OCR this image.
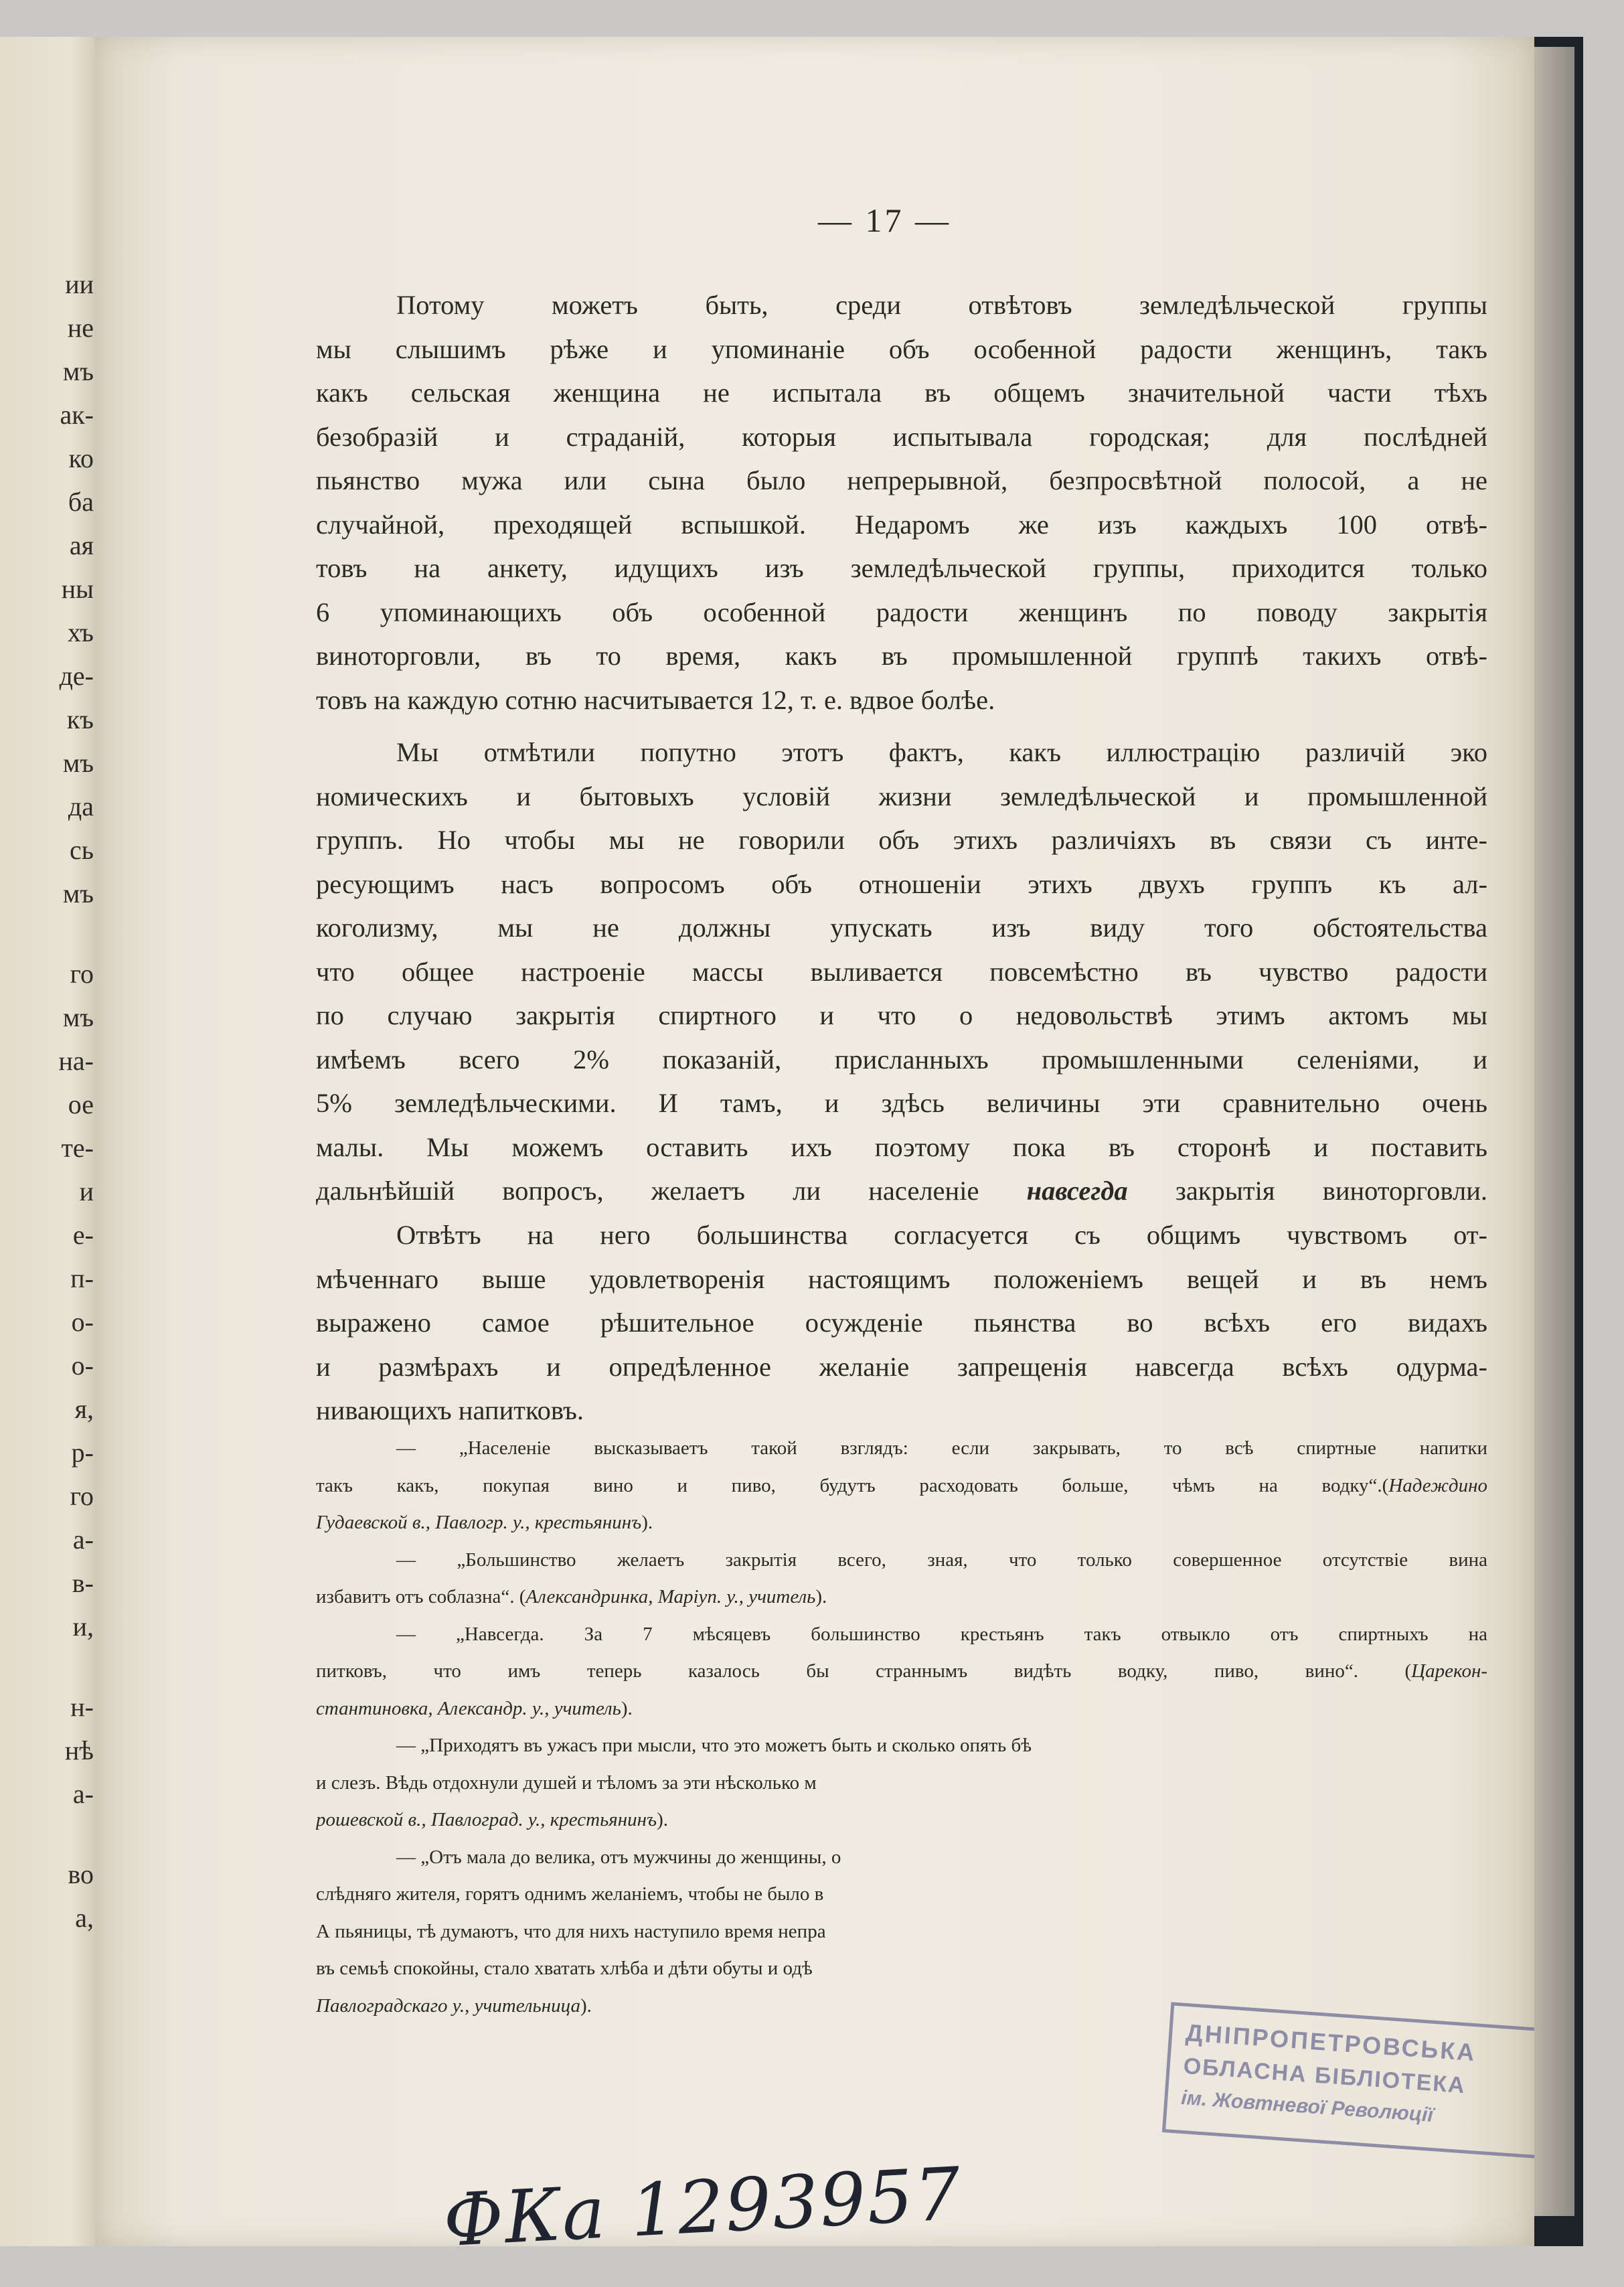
ии
не
мъ
ак-
ко
ба
ая
ны
хъ
де-
къ
мъ
да
сь
мъ
го
мъ
на-
ое
те-
и
е-
п-
о-
о-
я,
р-
го
а-
в-
и,
н-
нѣ
а-
во
а,
— 17 —
Потому можетъ быть, среди отвѣтовъ земледѣльческой группы
мы слышимъ рѣже и упоминаніе объ особенной радости женщинъ, такъ
какъ сельская женщина не испытала въ общемъ значительной части тѣхъ
безобразій и страданій, которыя испытывала городская; для послѣдней
пьянство мужа или сына было непрерывной, безпросвѣтной полосой, а не
случайной, преходящей вспышкой. Недаромъ же изъ каждыхъ 100 отвѣ-
товъ на анкету, идущихъ изъ земледѣльческой группы, приходится только
6 упоминающихъ объ особенной радости женщинъ по поводу закрытія
виноторговли, въ то время, какъ въ промышленной группѣ такихъ отвѣ-
товъ на каждую сотню насчитывается 12, т. е. вдвое болѣе.
Мы отмѣтили попутно этотъ фактъ, какъ иллюстрацію различій эко
номическихъ и бытовыхъ условій жизни земледѣльческой и промышленной
группъ. Но чтобы мы не говорили объ этихъ различіяхъ въ связи съ инте-
ресующимъ насъ вопросомъ объ отношеніи этихъ двухъ группъ къ ал-
коголизму, мы не должны упускать изъ виду того обстоятельства
что общее настроеніе массы выливается повсемѣстно въ чувство радости
по случаю закрытія спиртного и что о недовольствѣ этимъ актомъ мы
имѣемъ всего 2% показаній, присланныхъ промышленными селеніями, и
5% земледѣльческими. И тамъ, и здѣсь величины эти сравнительно очень
малы. Мы можемъ оставить ихъ поэтому пока въ сторонѣ и поставить
дальнѣйшій вопросъ, желаетъ ли населеніе навсегда закрытія виноторговли.
Отвѣтъ на него большинства согласуется съ общимъ чувствомъ от-
мѣченнаго выше удовлетворенія настоящимъ положеніемъ вещей и въ немъ
выражено самое рѣшительное осужденіе пьянства во всѣхъ его видахъ
и размѣрахъ и опредѣленное желаніе запрещенія навсегда всѣхъ одурма-
нивающихъ напитковъ.
— „Населеніе высказываетъ такой взглядъ: если закрывать, то всѣ спиртные напитки
такъ какъ, покупая вино и пиво, будутъ расходовать больше, чѣмъ на водку“.(Надеждино
Гудаевской в., Павлогр. у., крестьянинъ).
— „Большинство желаетъ закрытія всего, зная, что только совершенное отсутствіе вина
избавитъ отъ соблазна“. (Александринка, Маріуп. у., учитель).
— „Навсегда. За 7 мѣсяцевъ большинство крестьянъ такъ отвыкло отъ спиртныхъ на
питковъ, что имъ теперь казалось бы страннымъ видѣть водку, пиво, вино“. (Царекон-
стантиновка, Александр. у., учитель).
— „Приходятъ въ ужасъ при мысли, что это можетъ быть и сколько опять бѣ
и слезъ. Вѣдь отдохнули душей и тѣломъ за эти нѣсколько м
рошевской в., Павлоград. у., крестьянинъ).
— „Отъ мала до велика, отъ мужчины до женщины, о
слѣдняго жителя, горятъ однимъ желаніемъ, чтобы не было в
А пьяницы, тѣ думаютъ, что для нихъ наступило время непра
въ семьѣ спокойны, стало хватать хлѣба и дѣти обуты и одѣ
Павлоградскаго у., учительница).
ДНІПРОПЕТРОВСЬКА
ОБЛАСНА БІБЛІОТЕКА
ім. Жовтневої Революції
ФКа 1293957
